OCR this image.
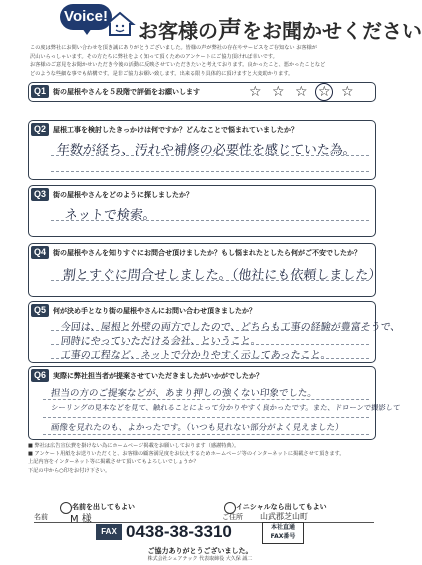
Voice!
お客様の声をお聞かせください

この度は弊社にお問い合わせを頂き誠にありがとうございました。皆様の声が弊社の存在やサービスをご存知ない お客様が

沢山いらっしゃいます。その方たちに弊社をよく知って頂くためのアンケートにご協力頂ければ幸いです。

お客様のご意見をお聞かせいただき今後の活動に反映させていただきたいと考えております。良かったこと、悪かったことなど

どのような些細な事でも結構です。是非ご協力お願い致します。出来る限り具体的に頂けますと大変助かります。

Q1	街の屋根やさんを５段階で評価をお願いします	☆ ☆ ☆ ☆ ☆
Q2	屋根工事を検討したきっかけは何ですか？どんなことで悩まれていましたか？
年数が経ち、汚れや補修の必要性を感じていた為。
Q3	街の屋根やさんをどのように探しましたか？
ネットで検索。
Q4	街の屋根やさんを知りすぐにお問合せ頂けましたか？もし悩まれたとしたら何がご不安でしたか？
割とすぐに問合せしました。（他社にも依頼しました）
Q5	何が決め手となり街の屋根やさんにお問い合わせ頂きましたか？
今回は、屋根と外壁の両方でしたので、どちらも工事の経験が豊富そうで、
同時にやっていただける会社、ということ。
工事の工程など、ネットで分かりやすく示してあったこと。
Q6	実際に弊社担当者が提案させていただきましたがいかがでしたか？
担当の方のご提案などが、あまり押しの強くない印象でした。
シーリングの見本などを見て、触れることによって分かりやすく良かったです。また、ドローンで撮影して
画像を見れたのも、よかったです。（いつも見れない部分がよく見えました）

■ 弊社は広告宣伝費を掛けない為にホームページ掲載をお願いしております（感謝特典）。

■ アンケート用紙をお送りいただくと、お客様の顧客満足度をお伝えするためホームページ等のインターネットに掲載させて頂きます。

上記内容をインターネット等に掲載させて頂いてもよろしいでしょうか？

下記の中から○印をお付け下さい。

名前を出してもよい	イニシャルなら出してもよい
名前 M 様	ご住所 山武郡芝山町
FAX 0438-38-3310	本社直通
FAX番号
ご協力ありがとうございました。
株式会社シェアテック 代表取締役 大久保 誠二
